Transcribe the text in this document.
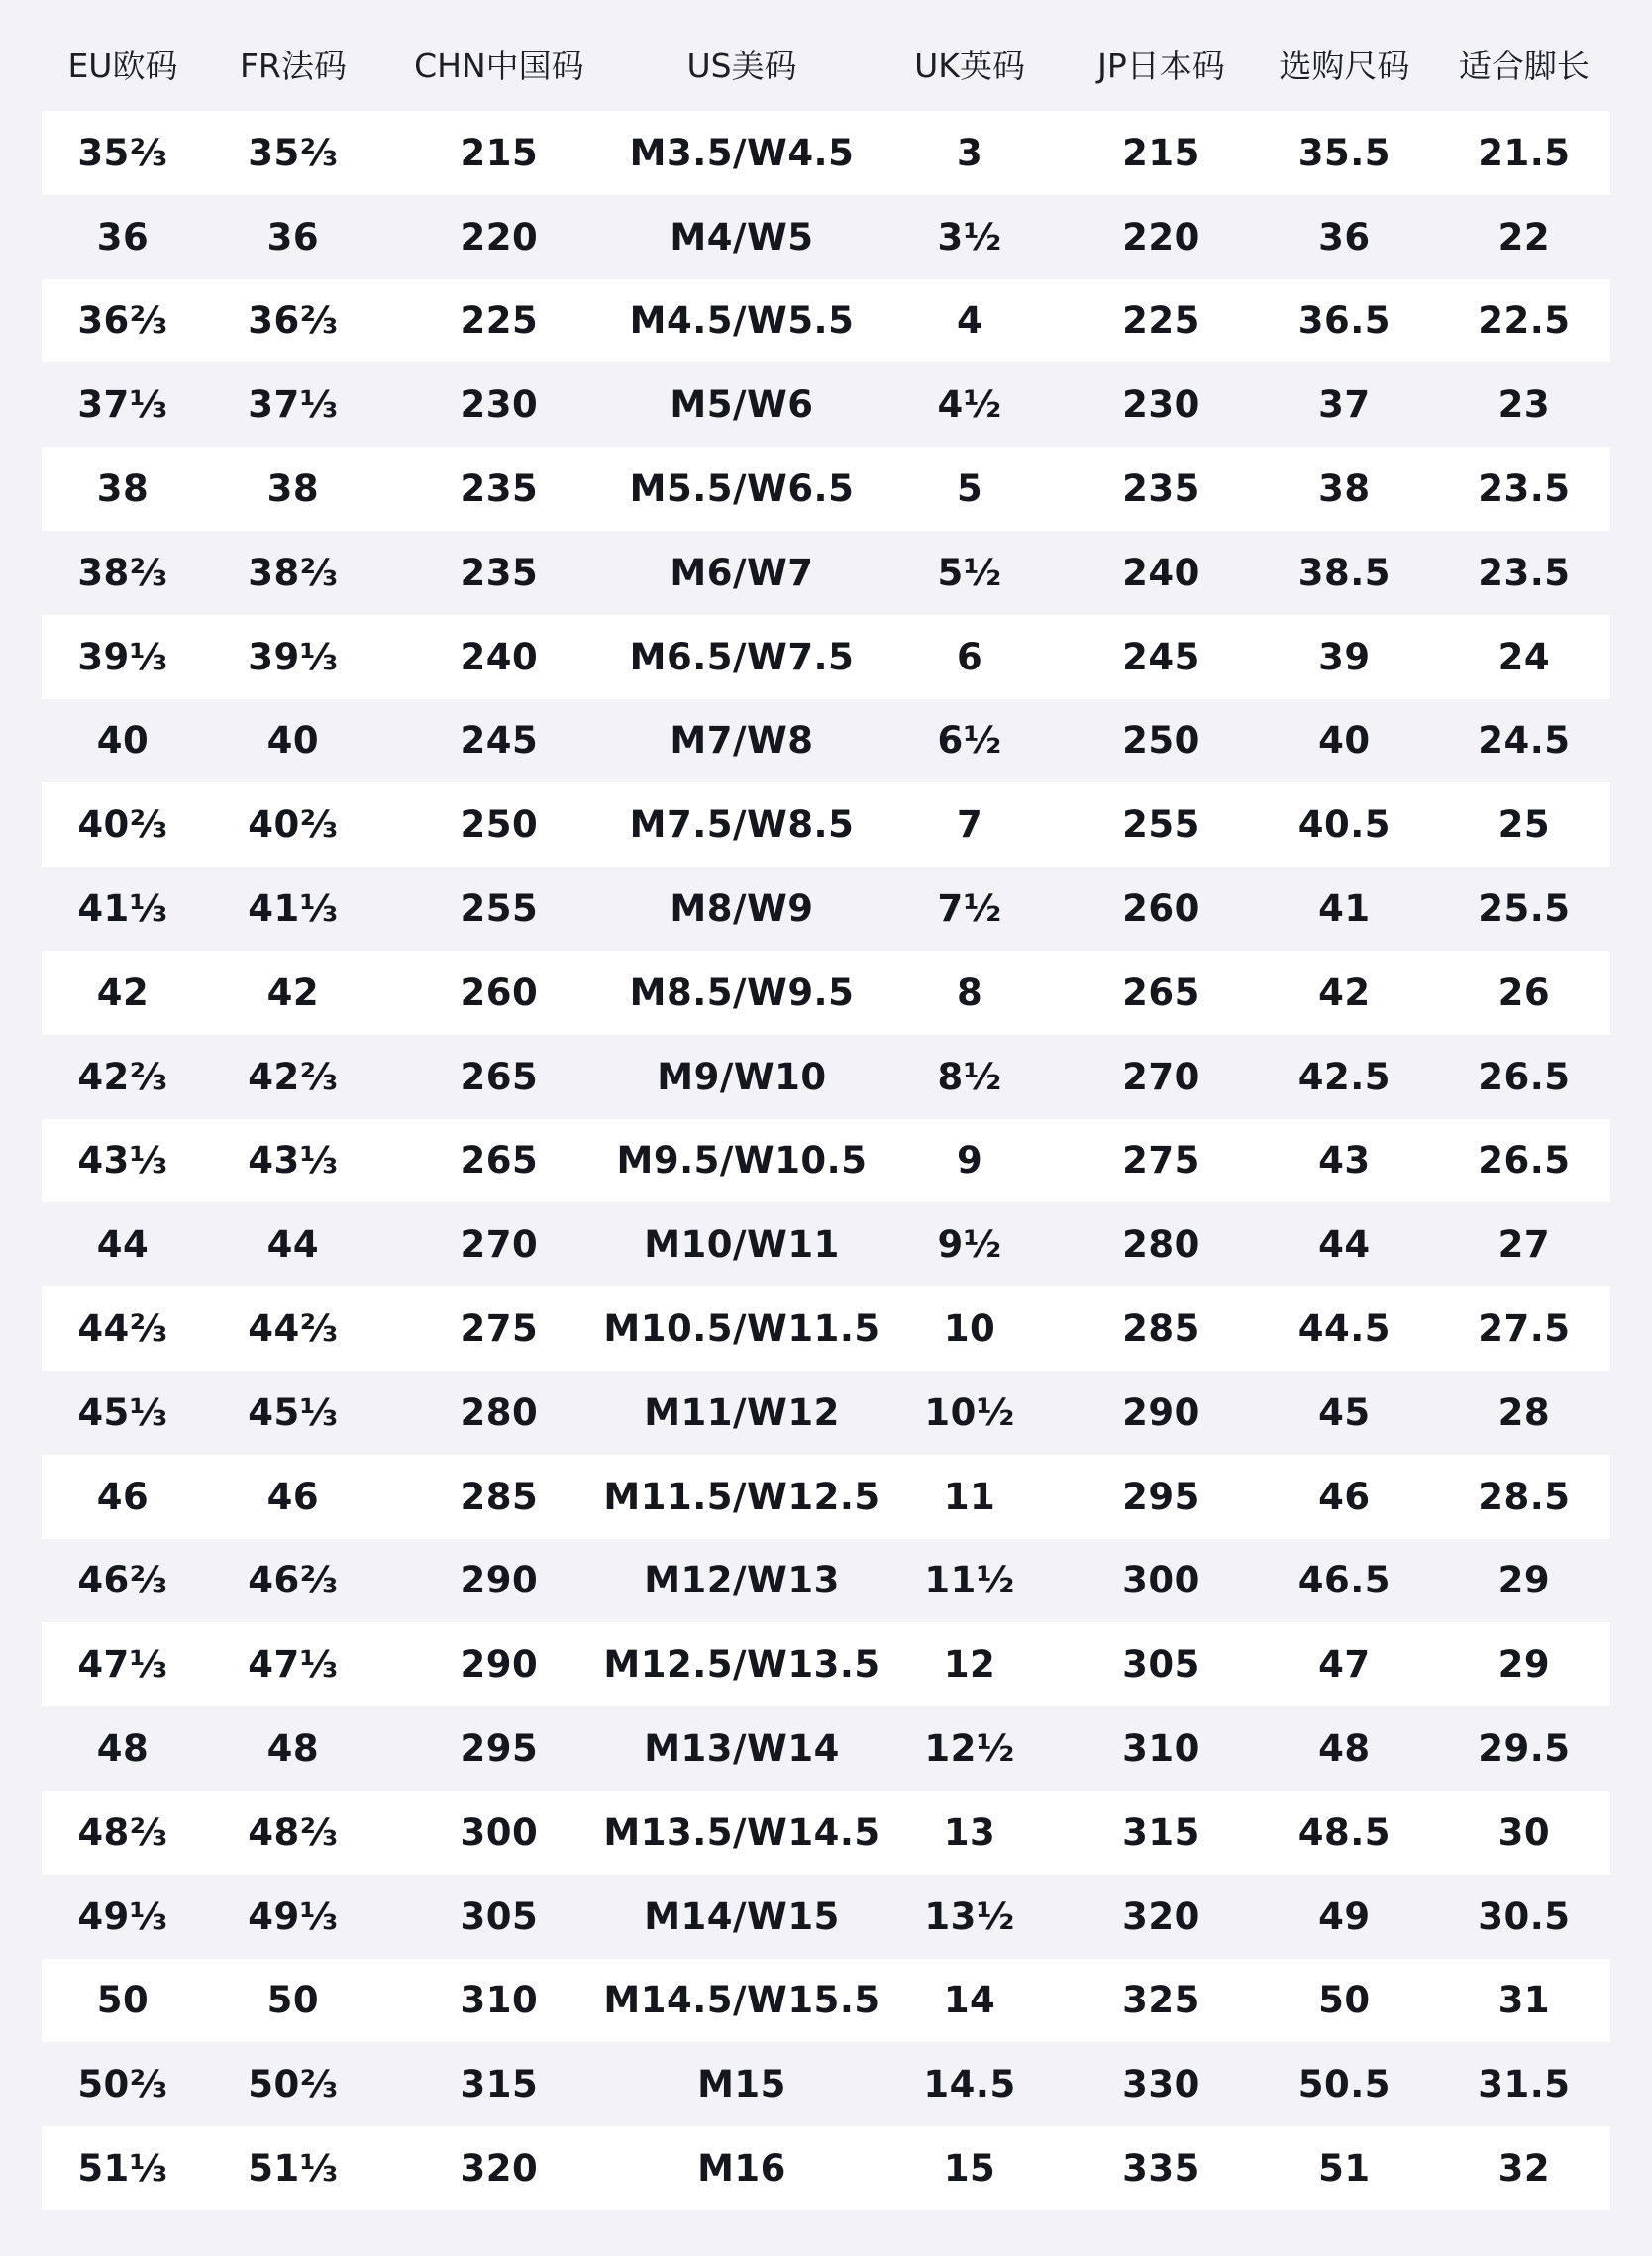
EU欧码	FR法码	CHN中国码	US美码	UK英码	JP日本码	选购尺码	适合脚长
35⅔	35⅔	215	M3.5/W4.5	3	215	35.5	21.5
36	36	220	M4/W5	3½	220	36	22
36⅔	36⅔	225	M4.5/W5.5	4	225	36.5	22.5
37⅓	37⅓	230	M5/W6	4½	230	37	23
38	38	235	M5.5/W6.5	5	235	38	23.5
38⅔	38⅔	235	M6/W7	5½	240	38.5	23.5
39⅓	39⅓	240	M6.5/W7.5	6	245	39	24
40	40	245	M7/W8	6½	250	40	24.5
40⅔	40⅔	250	M7.5/W8.5	7	255	40.5	25
41⅓	41⅓	255	M8/W9	7½	260	41	25.5
42	42	260	M8.5/W9.5	8	265	42	26
42⅔	42⅔	265	M9/W10	8½	270	42.5	26.5
43⅓	43⅓	265	M9.5/W10.5	9	275	43	26.5
44	44	270	M10/W11	9½	280	44	27
44⅔	44⅔	275	M10.5/W11.5	10	285	44.5	27.5
45⅓	45⅓	280	M11/W12	10½	290	45	28
46	46	285	M11.5/W12.5	11	295	46	28.5
46⅔	46⅔	290	M12/W13	11½	300	46.5	29
47⅓	47⅓	290	M12.5/W13.5	12	305	47	29
48	48	295	M13/W14	12½	310	48	29.5
48⅔	48⅔	300	M13.5/W14.5	13	315	48.5	30
49⅓	49⅓	305	M14/W15	13½	320	49	30.5
50	50	310	M14.5/W15.5	14	325	50	31
50⅔	50⅔	315	M15	14.5	330	50.5	31.5
51⅓	51⅓	320	M16	15	335	51	32
